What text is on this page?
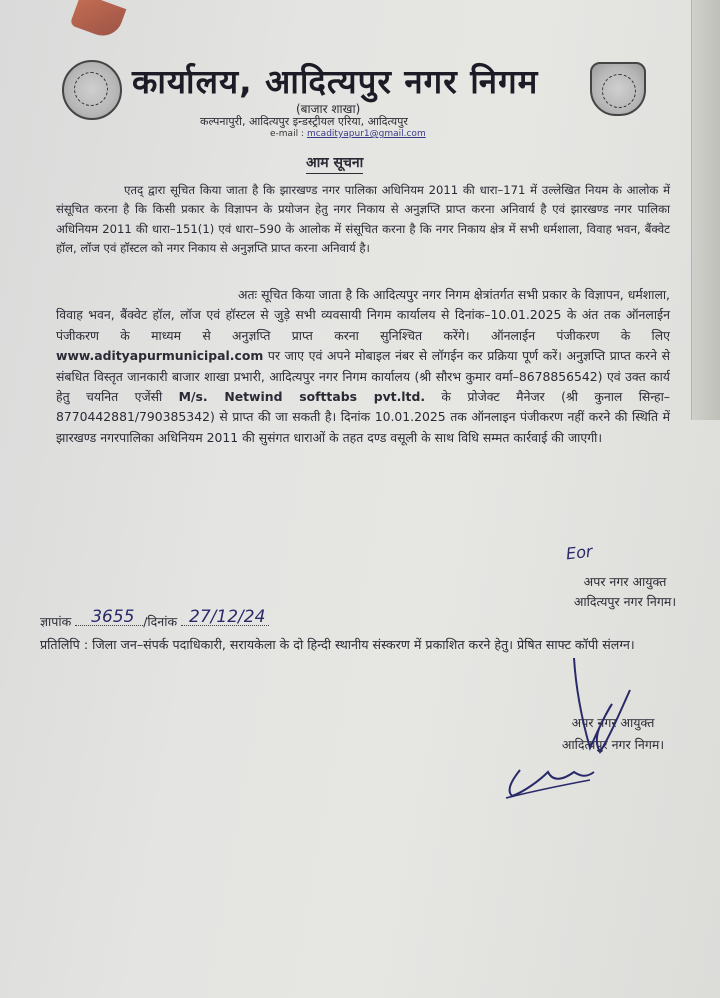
कार्यालय, आदित्यपुर नगर निगम
(बाजार शाखा)
कल्पनापुरी, आदित्यपुर इन्डस्ट्रीयल एरिया, आदित्यपुर
e-mail : mcadityapur1@gmail.com
आम सूचना
एतद् द्वारा सूचित किया जाता है कि झारखण्ड नगर पालिका अधिनियम 2011 की धारा–171 में उल्लेखित नियम के आलोक में संसूचित करना है कि किसी प्रकार के विज्ञापन के प्रयोजन हेतु नगर निकाय से अनुज्ञप्ति प्राप्त करना अनिवार्य है एवं झारखण्ड नगर पालिका अधिनियम 2011 की धारा–151(1) एवं धारा–590 के आलोक में संसूचित करना है कि नगर निकाय क्षेत्र में सभी धर्मशाला, विवाह भवन, बैंक्वेट हॉल, लॉज एवं हॉस्टल को नगर निकाय से अनुज्ञप्ति प्राप्त करना अनिवार्य है।
अतः सूचित किया जाता है कि आदित्यपुर नगर निगम क्षेत्रांतर्गत सभी प्रकार के विज्ञापन, धर्मशाला, विवाह भवन, बैंक्वेट हॉल, लॉज एवं हॉस्टल से जुड़े सभी व्यवसायी निगम कार्यालय से दिनांक–10.01.2025 के अंत तक ऑनलाईन पंजीकरण के माध्यम से अनुज्ञप्ति प्राप्त करना सुनिश्चित करेंगे। ऑनलाईन पंजीकरण के लिए www.adityapurmunicipal.com पर जाए एवं अपने मोबाइल नंबर से लॉगईन कर प्रक्रिया पूर्ण करें। अनुज्ञप्ति प्राप्त करने से संबधित विस्तृत जानकारी बाजार शाखा प्रभारी, आदित्यपुर नगर निगम कार्यालय (श्री सौरभ कुमार वर्मा–8678856542) एवं उक्त कार्य हेतु चयनित एजेंसी M/s. Netwind softtabs pvt.ltd. के प्रोजेक्ट मैनेजर (श्री कुनाल सिन्हा–8770442881/790385342) से प्राप्त की जा सकती है। दिनांक 10.01.2025 तक ऑनलाइन पंजीकरण नहीं करने की स्थिति में झारखण्ड नगरपालिका अधिनियम 2011 की सुसंगत धाराओं के तहत दण्ड वसूली के साथ विधि सम्मत कार्रवाई की जाएगी।
Eor
अपर नगर आयुक्त
आदित्यपुर नगर निगम।
ज्ञापांक 3655 /दिनांक 27/12/24
प्रतिलिपि : जिला जन–संपर्क पदाधिकारी, सरायकेला के दो हिन्दी स्थानीय संस्करण में प्रकाशित करने हेतु। प्रेषित साफ्ट कॉपी संलग्न।
अपर नगर आयुक्त
आदित्यपुर नगर निगम।
